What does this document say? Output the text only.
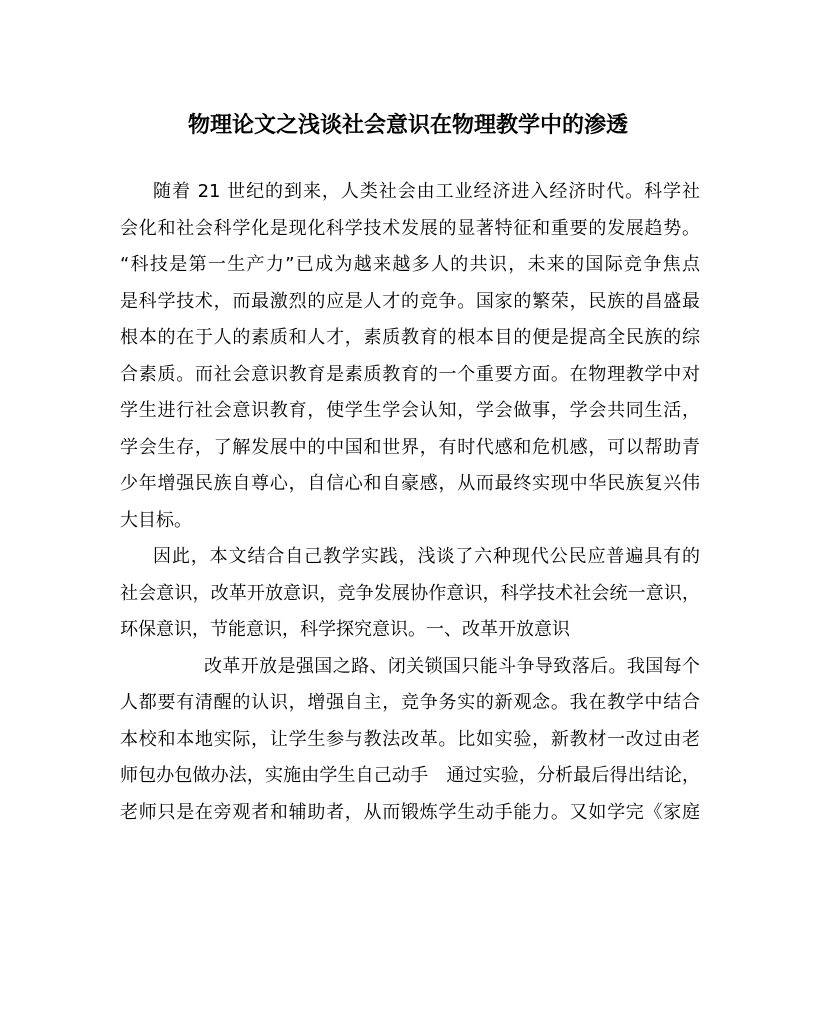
物理论文之浅谈社会意识在物理教学中的渗透
随着 21 世纪的到来，人类社会由工业经济进入经济时代。科学社
会化和社会科学化是现化科学技术发展的显著特征和重要的发展趋势。
“科技是第一生产力”已成为越来越多人的共识，未来的国际竞争焦点
是科学技术，而最激烈的应是人才的竞争。国家的繁荣，民族的昌盛最
根本的在于人的素质和人才，素质教育的根本目的便是提高全民族的综
合素质。而社会意识教育是素质教育的一个重要方面。在物理教学中对
学生进行社会意识教育，使学生学会认知，学会做事，学会共同生活，
学会生存，了解发展中的中国和世界，有时代感和危机感，可以帮助青
少年增强民族自尊心，自信心和自豪感，从而最终实现中华民族复兴伟
大目标。
因此，本文结合自己教学实践，浅谈了六种现代公民应普遍具有的
社会意识，改革开放意识，竞争发展协作意识，科学技术社会统一意识，
环保意识，节能意识，科学探究意识。一、改革开放意识
改革开放是强国之路、闭关锁国只能斗争导致落后。我国每个
人都要有清醒的认识，增强自主，竞争务实的新观念。我在教学中结合
本校和本地实际，让学生参与教法改革。比如实验，新教材一改过由老
师包办包做办法，实施由学生自己动手　通过实验，分析最后得出结论，
老师只是在旁观者和辅助者，从而锻炼学生动手能力。又如学完《家庭
